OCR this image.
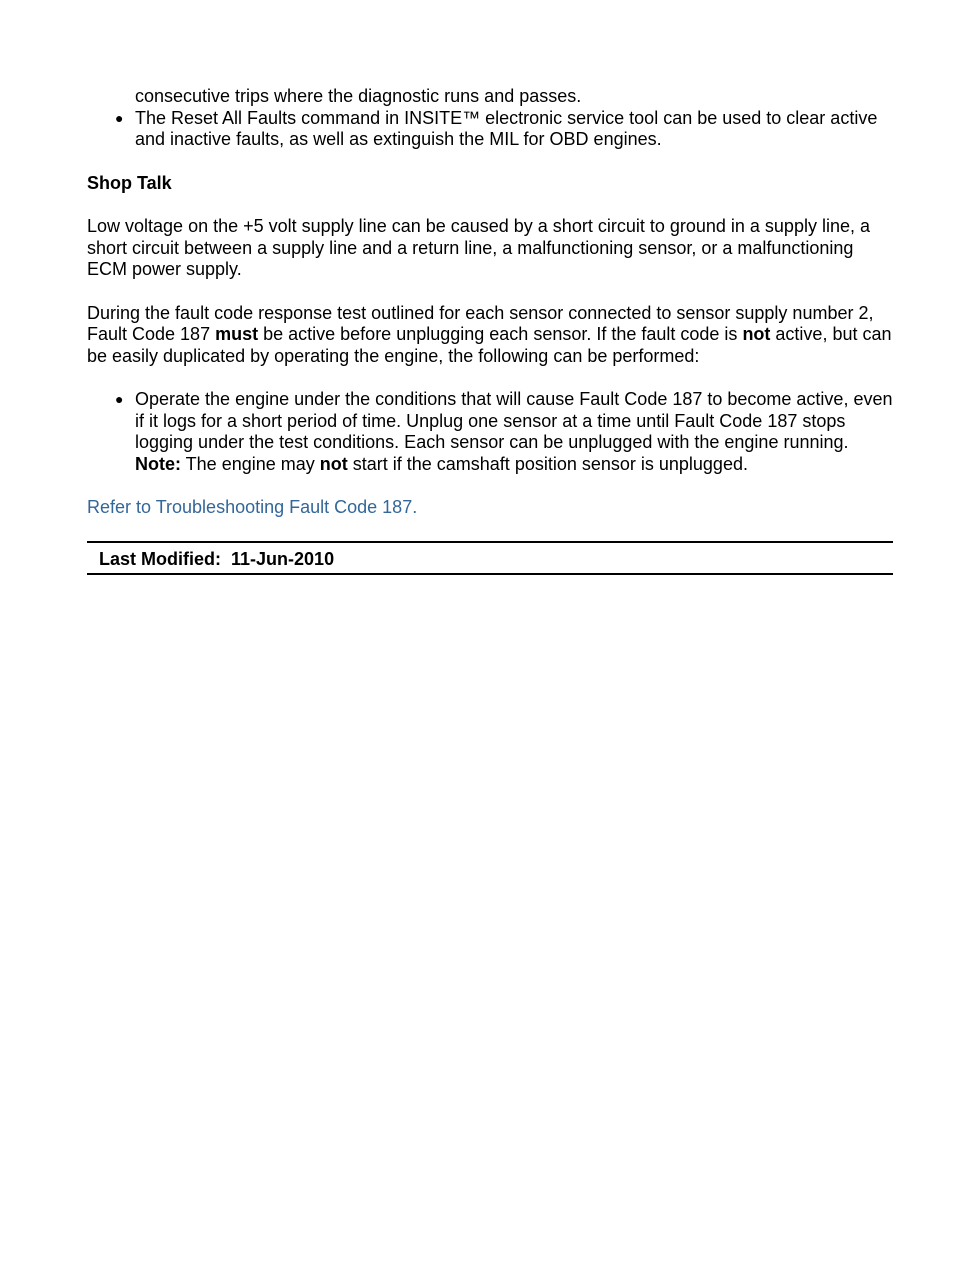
consecutive trips where the diagnostic runs and passes.
● The Reset All Faults command in INSITE™ electronic service tool can be used to clear active and inactive faults, as well as extinguish the MIL for OBD engines.
Shop Talk

Low voltage on the +5 volt supply line can be caused by a short circuit to ground in a supply line, a short circuit between a supply line and a return line, a malfunctioning sensor, or a malfunctioning ECM power supply.

During the fault code response test outlined for each sensor connected to sensor supply number 2, Fault Code 187 must be active before unplugging each sensor. If the fault code is not active, but can be easily duplicated by operating the engine, the following can be performed:

● Operate the engine under the conditions that will cause Fault Code 187 to become active, even if it logs for a short period of time. Unplug one sensor at a time until Fault Code 187 stops logging under the test conditions. Each sensor can be unplugged with the engine running. Note: The engine may not start if the camshaft position sensor is unplugged.
Refer to Troubleshooting Fault Code 187.
Last Modified: 11-Jun-2010
